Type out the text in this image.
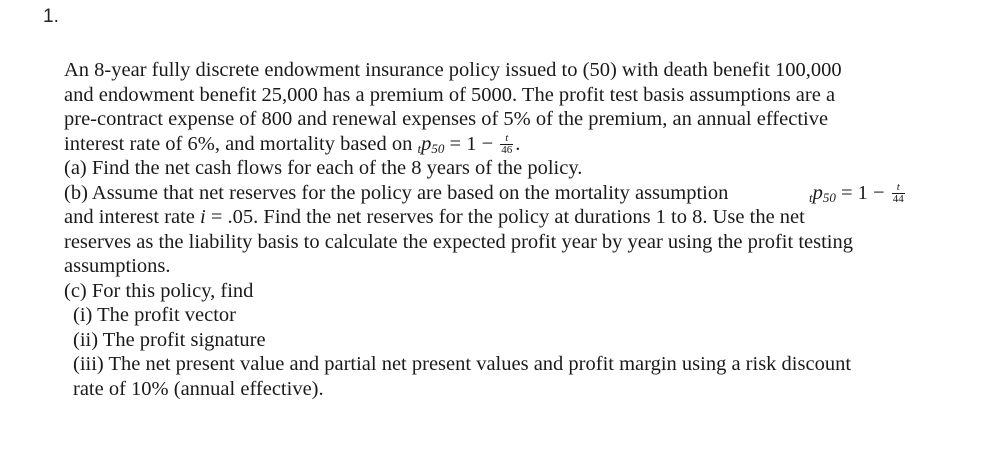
1.
An 8-year fully discrete endowment insurance policy issued to (50) with death benefit 100,000
and endowment benefit 25,000 has a premium of 5000. The profit test basis assumptions are a
pre-contract expense of 800 and renewal expenses of 5% of the premium, an annual effective
interest rate of 6%, and mortality based on $tp_{50} = 1 - \frac{t}{46}$ .
(a) Find the net cash flows for each of the 8 years of the policy.
(b) Assume that net reserves for the policy are based on the mortality assumption	$tp_{50} = 1 - \frac{t}{44}$
and interest rate i = .05. Find the net reserves for the policy at durations 1 to 8. Use the net
reserves as the liability basis to calculate the expected profit year by year using the profit testing
assumptions.
(c) For this policy, find
(i) The profit vector
(ii) The profit signature
(iii) The net present value and partial net present values and profit margin using a risk discount
rate of 10% (annual effective).
